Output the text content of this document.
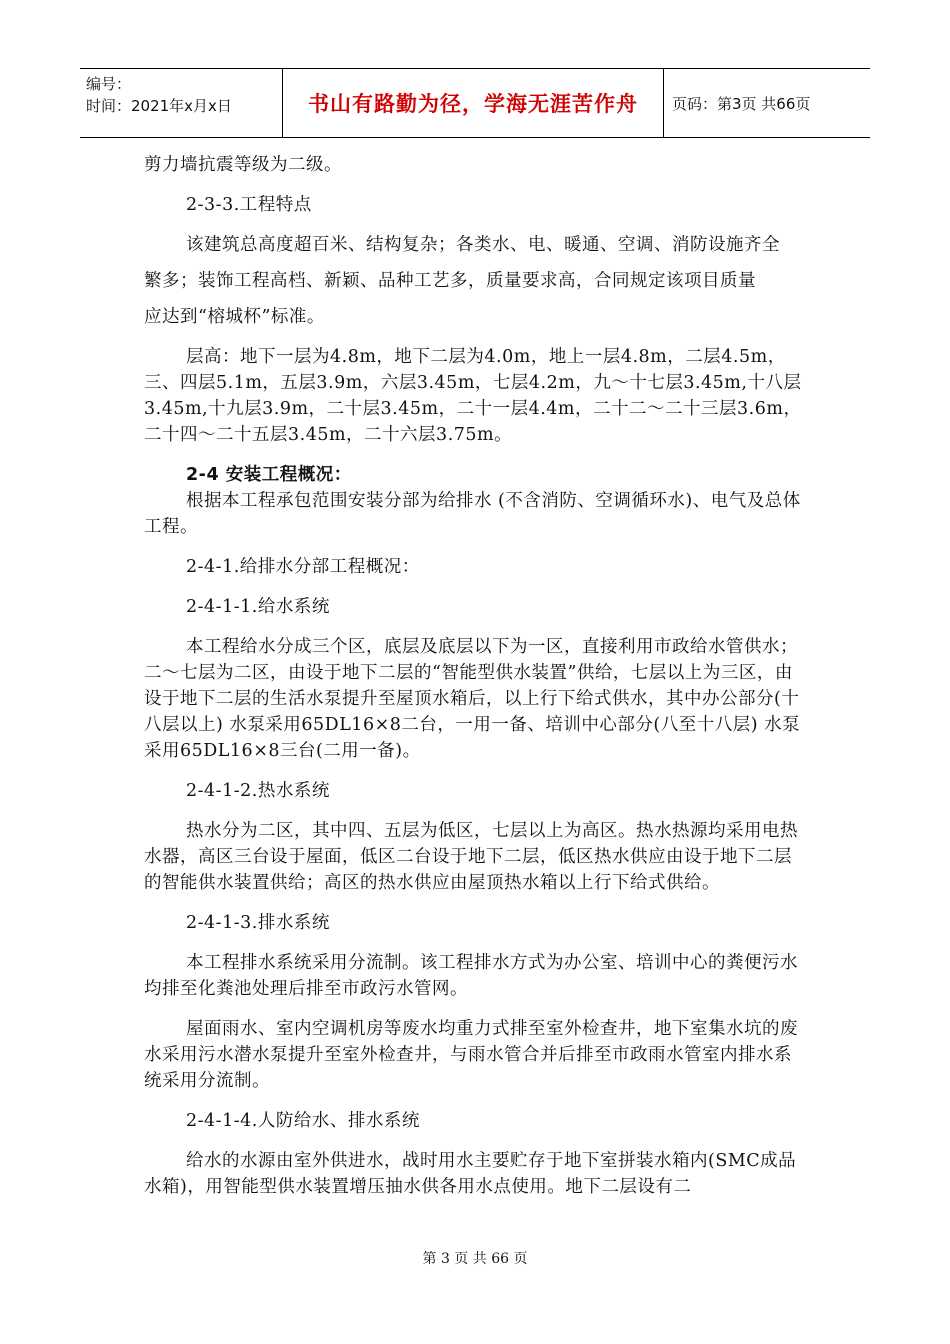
编号：
时间：2021年x月x日	书山有路勤为径，学海无涯苦作舟	页码：第3页 共66页

剪力墙抗震等级为二级。

2-3-3.工程特点

该建筑总高度超百米、结构复杂；各类水、电、暖通、空调、消防设施齐全

繁多；装饰工程高档、新颖、品种工艺多，质量要求高，合同规定该项目质量

应达到“榕城杯”标准。

层高：地下一层为4.8m，地下二层为4.0m，地上一层4.8m，二层4.5m，三、四层5.1m，五层3.9m，六层3.45m，七层4.2m，九～十七层3.45m,十八层3.45m,十九层3.9m，二十层3.45m，二十一层4.4m，二十二～二十三层3.6m，二十四～二十五层3.45m，二十六层3.75m。

2-4 安装工程概况：

根据本工程承包范围安装分部为给排水 (不含消防、空调循环水)、电气及总体工程。

2-4-1.给排水分部工程概况：

2-4-1-1.给水系统

本工程给水分成三个区，底层及底层以下为一区，直接利用市政给水管供水；二～七层为二区，由设于地下二层的“智能型供水装置”供给，七层以上为三区，由设于地下二层的生活水泵提升至屋顶水箱后，以上行下给式供水，其中办公部分(十八层以上) 水泵采用65DL16×8二台，一用一备、培训中心部分(八至十八层) 水泵采用65DL16×8三台(二用一备)。

2-4-1-2.热水系统

热水分为二区，其中四、五层为低区，七层以上为高区。热水热源均采用电热水器，高区三台设于屋面，低区二台设于地下二层，低区热水供应由设于地下二层的智能供水装置供给；高区的热水供应由屋顶热水箱以上行下给式供给。

2-4-1-3.排水系统

本工程排水系统采用分流制。该工程排水方式为办公室、培训中心的粪便污水均排至化粪池处理后排至市政污水管网。

屋面雨水、室内空调机房等废水均重力式排至室外检查井，地下室集水坑的废水采用污水潜水泵提升至室外检查井，与雨水管合并后排至市政雨水管室内排水系统采用分流制。

2-4-1-4.人防给水、排水系统

给水的水源由室外供进水，战时用水主要贮存于地下室拼装水箱内(SMC成品水箱)，用智能型供水装置增压抽水供各用水点使用。地下二层设有二

第 3 页 共 66 页
